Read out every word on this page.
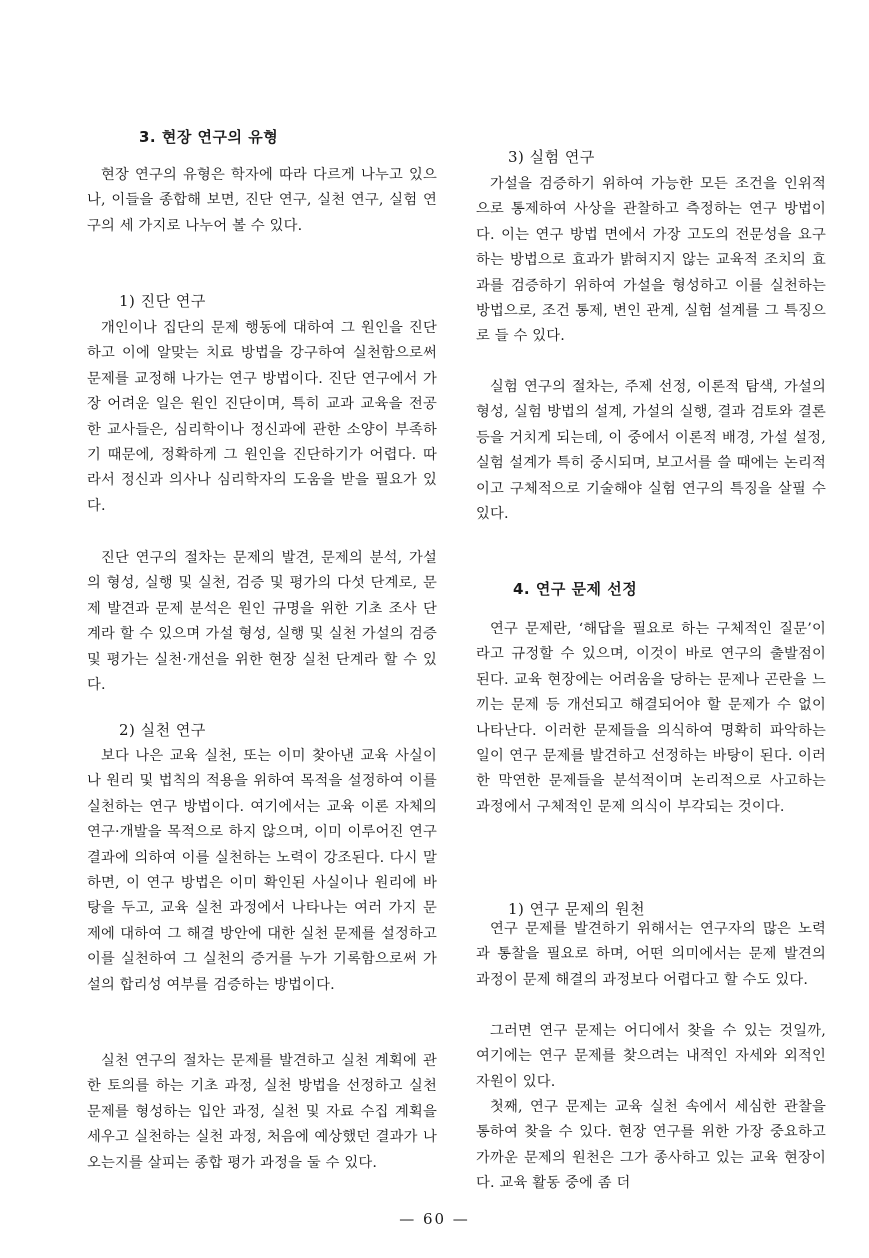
3. 현장 연구의 유형

현장 연구의 유형은 학자에 따라 다르게 나누고 있으나, 이들을 종합해 보면, 진단 연구, 실천 연구, 실험 연구의 세 가지로 나누어 볼 수 있다.

1) 진단 연구

개인이나 집단의 문제 행동에 대하여 그 원인을 진단하고 이에 알맞는 치료 방법을 강구하여 실천함으로써 문제를 교정해 나가는 연구 방법이다. 진단 연구에서 가장 어려운 일은 원인 진단이며, 특히 교과 교육을 전공한 교사들은, 심리학이나 정신과에 관한 소양이 부족하기 때문에, 정확하게 그 원인을 진단하기가 어렵다. 따라서 정신과 의사나 심리학자의 도움을 받을 필요가 있다.

진단 연구의 절차는 문제의 발견, 문제의 분석, 가설의 형성, 실행 및 실천, 검증 및 평가의 다섯 단계로, 문제 발견과 문제 분석은 원인 규명을 위한 기초 조사 단계라 할 수 있으며 가설 형성, 실행 및 실천 가설의 검증 및 평가는 실천·개선을 위한 현장 실천 단계라 할 수 있다.

2) 실천 연구

보다 나은 교육 실천, 또는 이미 찾아낸 교육 사실이나 원리 및 법칙의 적용을 위하여 목적을 설정하여 이를 실천하는 연구 방법이다. 여기에서는 교육 이론 자체의 연구·개발을 목적으로 하지 않으며, 이미 이루어진 연구 결과에 의하여 이를 실천하는 노력이 강조된다. 다시 말하면, 이 연구 방법은 이미 확인된 사실이나 원리에 바탕을 두고, 교육 실천 과정에서 나타나는 여러 가지 문제에 대하여 그 해결 방안에 대한 실천 문제를 설정하고 이를 실천하여 그 실천의 증거를 누가 기록함으로써 가설의 합리성 여부를 검증하는 방법이다.

실천 연구의 절차는 문제를 발견하고 실천 계획에 관한 토의를 하는 기초 과정, 실천 방법을 선정하고 실천 문제를 형성하는 입안 과정, 실천 및 자료 수집 계획을 세우고 실천하는 실천 과정, 처음에 예상했던 결과가 나오는지를 살피는 종합 평가 과정을 둘 수 있다.

3) 실험 연구

가설을 검증하기 위하여 가능한 모든 조건을 인위적으로 통제하여 사상을 관찰하고 측정하는 연구 방법이다. 이는 연구 방법 면에서 가장 고도의 전문성을 요구하는 방법으로 효과가 밝혀지지 않는 교육적 조치의 효과를 검증하기 위하여 가설을 형성하고 이를 실천하는 방법으로, 조건 통제, 변인 관계, 실험 설계를 그 특징으로 들 수 있다.

실험 연구의 절차는, 주제 선정, 이론적 탐색, 가설의 형성, 실험 방법의 설계, 가설의 실행, 결과 검토와 결론 등을 거치게 되는데, 이 중에서 이론적 배경, 가설 설정, 실험 설계가 특히 중시되며, 보고서를 쓸 때에는 논리적이고 구체적으로 기술해야 실험 연구의 특징을 살필 수 있다.

4. 연구 문제 선정

연구 문제란, ‘해답을 필요로 하는 구체적인 질문’이라고 규정할 수 있으며, 이것이 바로 연구의 출발점이 된다. 교육 현장에는 어려움을 당하는 문제나 곤란을 느끼는 문제 등 개선되고 해결되어야 할 문제가 수 없이 나타난다. 이러한 문제들을 의식하여 명확히 파악하는 일이 연구 문제를 발견하고 선정하는 바탕이 된다. 이러한 막연한 문제들을 분석적이며 논리적으로 사고하는 과정에서 구체적인 문제 의식이 부각되는 것이다.

1) 연구 문제의 원천

연구 문제를 발견하기 위해서는 연구자의 많은 노력과 통찰을 필요로 하며, 어떤 의미에서는 문제 발견의 과정이 문제 해결의 과정보다 어렵다고 할 수도 있다.

그러면 연구 문제는 어디에서 찾을 수 있는 것일까, 여기에는 연구 문제를 찾으려는 내적인 자세와 외적인 자원이 있다.

첫째, 연구 문제는 교육 실천 속에서 세심한 관찰을 통하여 찾을 수 있다. 현장 연구를 위한 가장 중요하고 가까운 문제의 원천은 그가 종사하고 있는 교육 현장이다. 교육 활동 중에 좀 더

— 60 —
